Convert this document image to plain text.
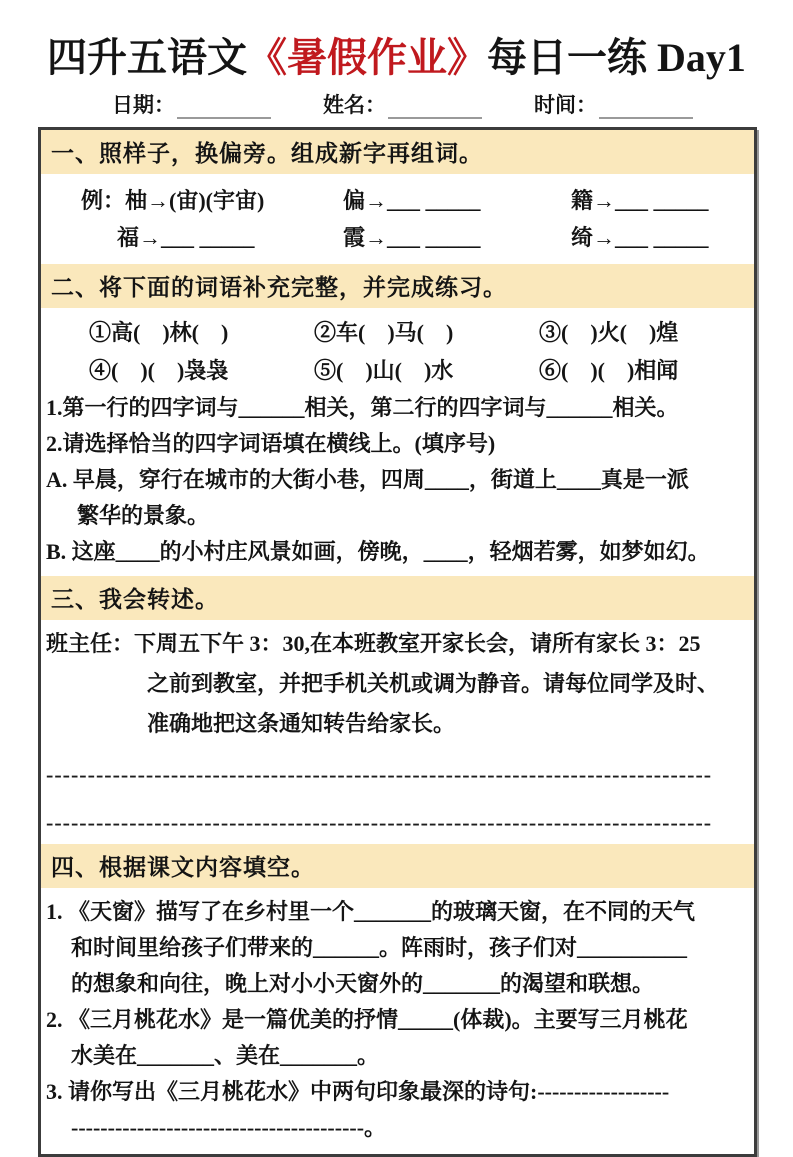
四升五语文《暑假作业》每日一练 Day1
日期：	姓名：	时间：
一、照样子，换偏旁。组成新字再组词。
例：柚→(宙)(宇宙)	偏→___ _____	籍→___ _____
福→___ _____	霞→___ _____	绮→___ _____
二、将下面的词语补充完整，并完成练习。
①高(　)林(　)	②车(　)马(　)	③(　)火(　)煌
④(　)(　)袅袅	⑤(　)山(　)水	⑥(　)(　)相闻
1.第一行的四字词与______相关，第二行的四字词与______相关。
2.请选择恰当的四字词语填在横线上。(填序号)
A. 早晨，穿行在城市的大街小巷，四周____，街道上____真是一派
繁华的景象。
B. 这座____的小村庄风景如画，傍晚，____，轻烟若雾，如梦如幻。
三、我会转述。
班主任：下周五下午 3：30,在本班教室开家长会，请所有家长 3：25
之前到教室，并把手机关机或调为静音。请每位同学及时、
准确地把这条通知转告给家长。
--------------------------------------------------------------------------------
--------------------------------------------------------------------------------
四、根据课文内容填空。
1. 《天窗》描写了在乡村里一个_______的玻璃天窗，在不同的天气
和时间里给孩子们带来的______。阵雨时，孩子们对__________
的想象和向往，晚上对小小天窗外的_______的渴望和联想。
2. 《三月桃花水》是一篇优美的抒情_____(体裁)。主要写三月桃花
水美在_______、美在_______。
3. 请你写出《三月桃花水》中两句印象最深的诗句:------------------
----------------------------------------。
